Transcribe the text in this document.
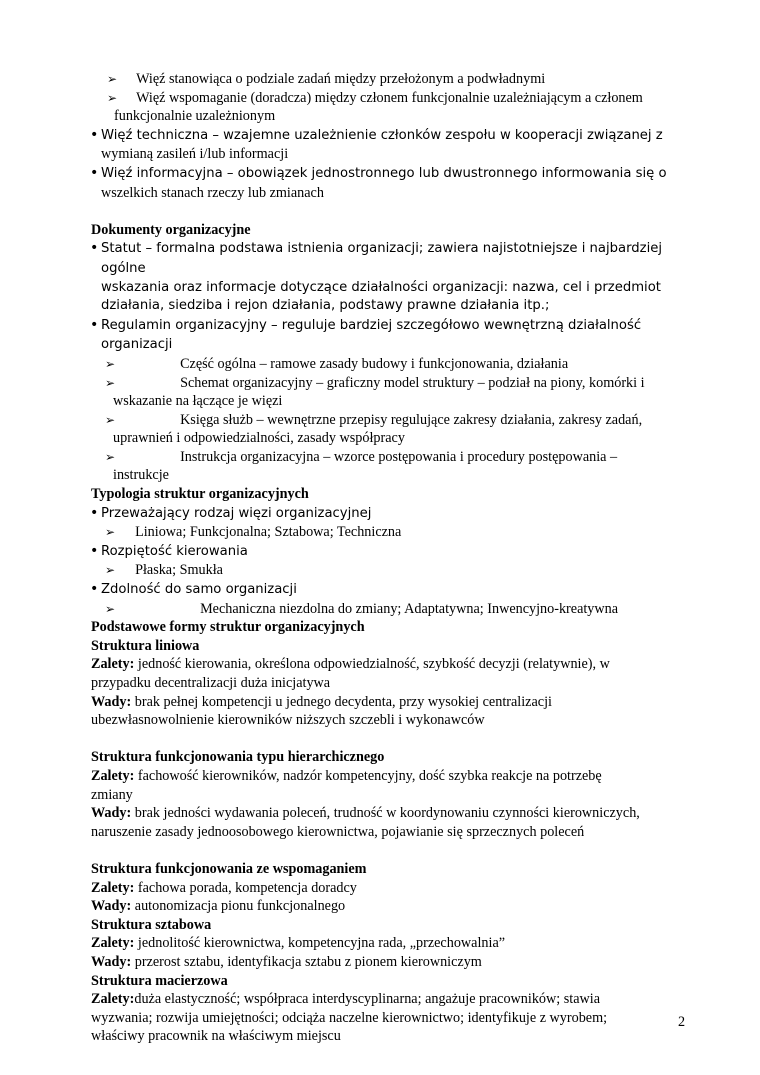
➢ Więź stanowiąca o podziale zadań między przełożonym a podwładnymi

➢ Więź wspomaganie (doradcza) między członem funkcjonalnie uzależniającym a członem

funkcjonalnie uzależnionym

• Więź techniczna – wzajemne uzależnienie członków zespołu w kooperacji związanej z

wymianą zasileń i/lub informacji

• Więź informacyjna – obowiązek jednostronnego lub dwustronnego informowania się o

wszelkich stanach rzeczy lub zmianach

Dokumenty organizacyjne

• Statut – formalna podstawa istnienia organizacji; zawiera najistotniejsze i najbardziej ogólne

wskazania oraz informacje dotyczące działalności organizacji: nazwa, cel i przedmiot

działania, siedziba i rejon działania, podstawy prawne działania itp.;

• Regulamin organizacyjny – reguluje bardziej szczegółowo wewnętrzną działalność organizacji

➢	Część ogólna – ramowe zasady budowy i funkcjonowania, działania

➢	Schemat organizacyjny – graficzny model struktury – podział na piony, komórki i

wskazanie na łączące je więzi

➢	Księga służb – wewnętrzne przepisy regulujące zakresy działania, zakresy zadań,

uprawnień i odpowiedzialności, zasady współpracy

➢	Instrukcja organizacyjna – wzorce postępowania i procedury postępowania –

instrukcje

Typologia struktur organizacyjnych

• Przeważający rodzaj więzi organizacyjnej

➢ Liniowa; Funkcjonalna; Sztabowa; Techniczna

• Rozpiętość kierowania

➢ Płaska; Smukła

• Zdolność do samo organizacji

➢	Mechaniczna niezdolna do zmiany; Adaptatywna; Inwencyjno-kreatywna

Podstawowe formy struktur organizacyjnych

Struktura liniowa

Zalety: jedność kierowania, określona odpowiedzialność, szybkość decyzji (relatywnie), w

przypadku decentralizacji duża inicjatywa

Wady: brak pełnej kompetencji u jednego decydenta, przy wysokiej centralizacji

ubezwłasnowolnienie kierowników niższych szczebli i wykonawców

Struktura funkcjonowania typu hierarchicznego

Zalety: fachowość kierowników, nadzór kompetencyjny, dość szybka reakcje na potrzebę

zmiany

Wady: brak jedności wydawania poleceń, trudność w koordynowaniu czynności kierowniczych,

naruszenie zasady jednoosobowego kierownictwa, pojawianie się sprzecznych poleceń

Struktura funkcjonowania ze wspomaganiem

Zalety: fachowa porada, kompetencja doradcy

Wady: autonomizacja pionu funkcjonalnego

Struktura sztabowa

Zalety: jednolitość kierownictwa, kompetencyjna rada, „przechowalnia”

Wady: przerost sztabu, identyfikacja sztabu z pionem kierowniczym

Struktura macierzowa

Zalety:duża elastyczność; współpraca interdyscyplinarna; angażuje pracowników; stawia

wyzwania; rozwija umiejętności; odciąża naczelne kierownictwo; identyfikuje z wyrobem;

właściwy pracownik na właściwym miejscu

2
